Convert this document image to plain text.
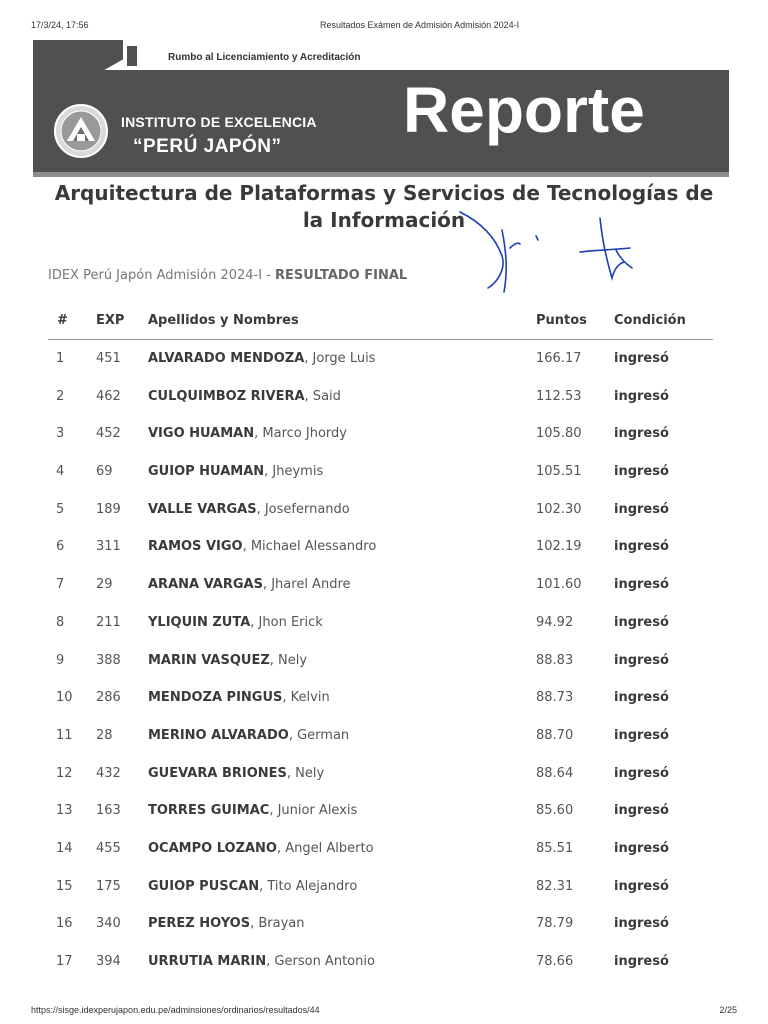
17/3/24, 17:56	Resultados Exámen de Admisión Admisión 2024-I
Rumbo al Licenciamiento y Acreditación
INSTITUTO DE EXCELENCIA
“PERÚ JAPÓN”
Reporte
Arquitectura de Plataformas y Servicios de Tecnologías de
la Información
IDEX Perú Japón Admisión 2024-I - RESULTADO FINAL
# EXP Apellidos y Nombres	Puntos Condición
1 451 ALVARADO MENDOZA, Jorge Luis	166.17	ingresó
2 462 CULQUIMBOZ RIVERA, Said	112.53	ingresó
3 452 VIGO HUAMAN, Marco Jhordy	105.80	ingresó
4 69	GUIOP HUAMAN, Jheymis	105.51	ingresó
5 189 VALLE VARGAS, Josefernando	102.30	ingresó
6 311 RAMOS VIGO, Michael Alessandro	102.19	ingresó
7 29	ARANA VARGAS, Jharel Andre	101.60	ingresó
8 211 YLIQUIN ZUTA, Jhon Erick	94.92	ingresó
9 388 MARIN VASQUEZ, Nely	88.83	ingresó
10 286 MENDOZA PINGUS, Kelvin	88.73	ingresó
11 28	MERINO ALVARADO, German	88.70	ingresó
12 432 GUEVARA BRIONES, Nely	88.64	ingresó
13 163 TORRES GUIMAC, Junior Alexis	85.60	ingresó
14 455 OCAMPO LOZANO, Angel Alberto	85.51	ingresó
15 175 GUIOP PUSCAN, Tito Alejandro	82.31	ingresó
16 340 PEREZ HOYOS, Brayan	78.79	ingresó
17 394 URRUTIA MARIN, Gerson Antonio	78.66	ingresó
https://sisge.idexperujapon.edu.pe/adminsiones/ordinarios/resultados/44	2/25
